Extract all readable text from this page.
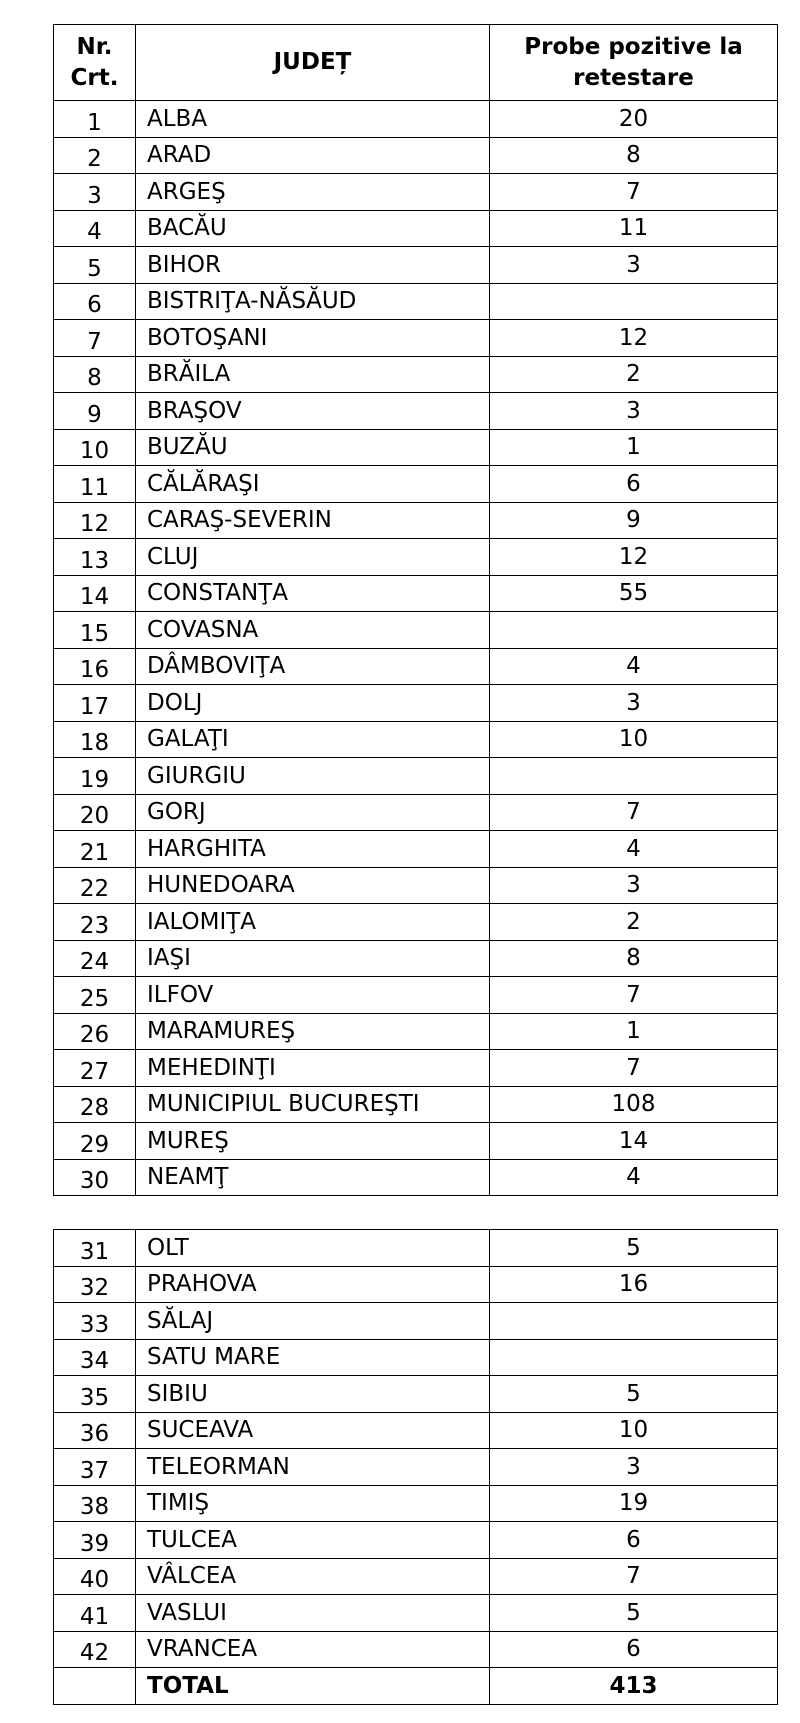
Nr.
Crt.	JUDEȚ	Probe pozitive la
retestare

1	ALBA	20
2	ARAD	8
3	ARGEŞ	7
4	BACĂU	11
5	BIHOR	3
6	BISTRIŢA-NĂSĂUD	
7	BOTOŞANI	12
8	BRĂILA	2
9	BRAŞOV	3
10	BUZĂU	1
11	CĂLĂRAŞI	6
12	CARAŞ-SEVERIN	9
13	CLUJ	12
14	CONSTANŢA	55
15	COVASNA	
16	DÂMBOVIŢA	4
17	DOLJ	3
18	GALAŢI	10
19	GIURGIU	
20	GORJ	7
21	HARGHITA	4
22	HUNEDOARA	3
23	IALOMIŢA	2
24	IAŞI	8
25	ILFOV	7
26	MARAMUREŞ	1
27	MEHEDINŢI	7
28	MUNICIPIUL BUCUREŞTI	108
29	MUREŞ	14
30	NEAMŢ	4
31	OLT	5
32	PRAHOVA	16
33	SĂLAJ	
34	SATU MARE	
35	SIBIU	5
36	SUCEAVA	10
37	TELEORMAN	3
38	TIMIŞ	19
39	TULCEA	6
40	VÂLCEA	7
41	VASLUI	5
42	VRANCEA	6
	TOTAL	413
